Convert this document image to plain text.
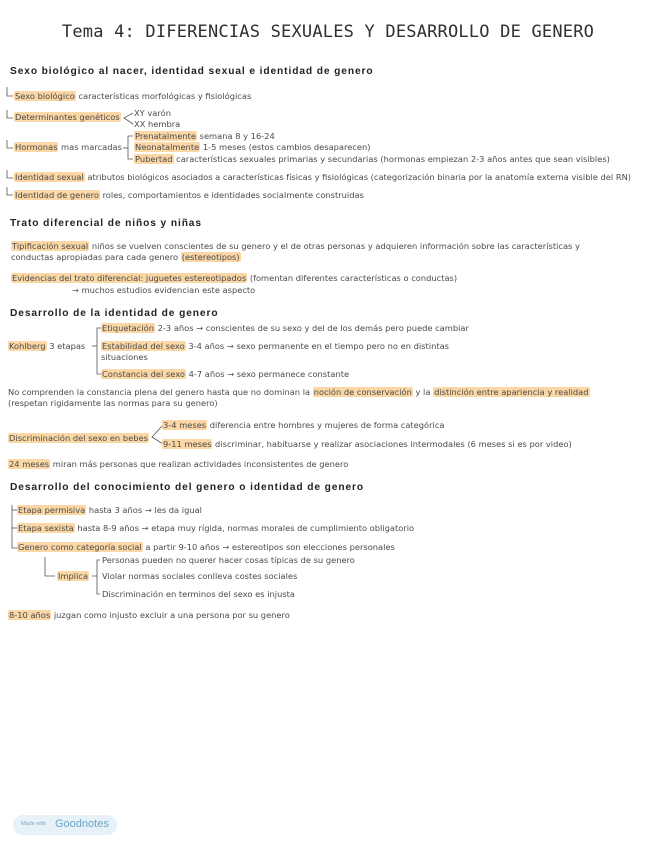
Tema 4: DIFERENCIAS SEXUALES Y DESARROLLO DE GENERO
Sexo biológico al nacer, identidad sexual e identidad de genero
Sexo biológico características morfológicas y fisiológicas
Determinantes genéticos XY varón
XX hembra
Hormonas mas marcadas
Prenatalmente semana 8 y 16-24
Neonatalmente 1-5 meses (estos cambios desaparecen)
Pubertad características sexuales primarias y secundarias (hormonas empiezan 2-3 años antes que sean visibles)
Identidad sexual atributos biológicos asociados a características físicas y fisiológicas (categorización binaria por la anatomía externa visible del RN)
Identidad de genero roles, comportamientos e identidades socialmente construidas
Trato diferencial de niños y niñas
Tipificación sexual niños se vuelven conscientes de su genero y el de otras personas y adquieren información sobre las características y
conductas apropiadas para cada genero (estereotipos)
Evidencias del trato diferencial: juguetes estereotipados (fomentan diferentes características o conductas)
→ muchos estudios evidencian este aspecto
Desarrollo de la identidad de genero
Kohlberg 3 etapas
Etiquetación 2-3 años → conscientes de su sexo y del de los demás pero puede cambiar
Estabilidad del sexo 3-4 años → sexo permanente en el tiempo pero no en distintas
situaciones
Constancia del sexo 4-7 años → sexo permanece constante
No comprenden la constancia plena del genero hasta que no dominan la noción de conservación y la distinción entre apariencia y realidad
(respetan rigidamente las normas para su genero)
Discriminación del sexo en bebes
3-4 meses diferencia entre hombres y mujeres de forma categórica
9-11 meses discriminar, habituarse y realizar asociaciones intermodales (6 meses si es por video)
24 meses miran más personas que realizan actividades inconsistentes de genero
Desarrollo del conocimiento del genero o identidad de genero
Etapa permisiva hasta 3 años → les da igual
Etapa sexista hasta 8-9 años → etapa muy rígida, normas morales de cumplimiento obligatorio
Genero como categoría social a partir 9-10 años → estereotipos son elecciones personales
Implica
Personas pueden no querer hacer cosas típicas de su genero
Violar normas sociales conlleva costes sociales
Discriminación en terminos del sexo es injusta
8-10 años juzgan como injusto excluir a una persona por su genero
Made with Goodnotes
